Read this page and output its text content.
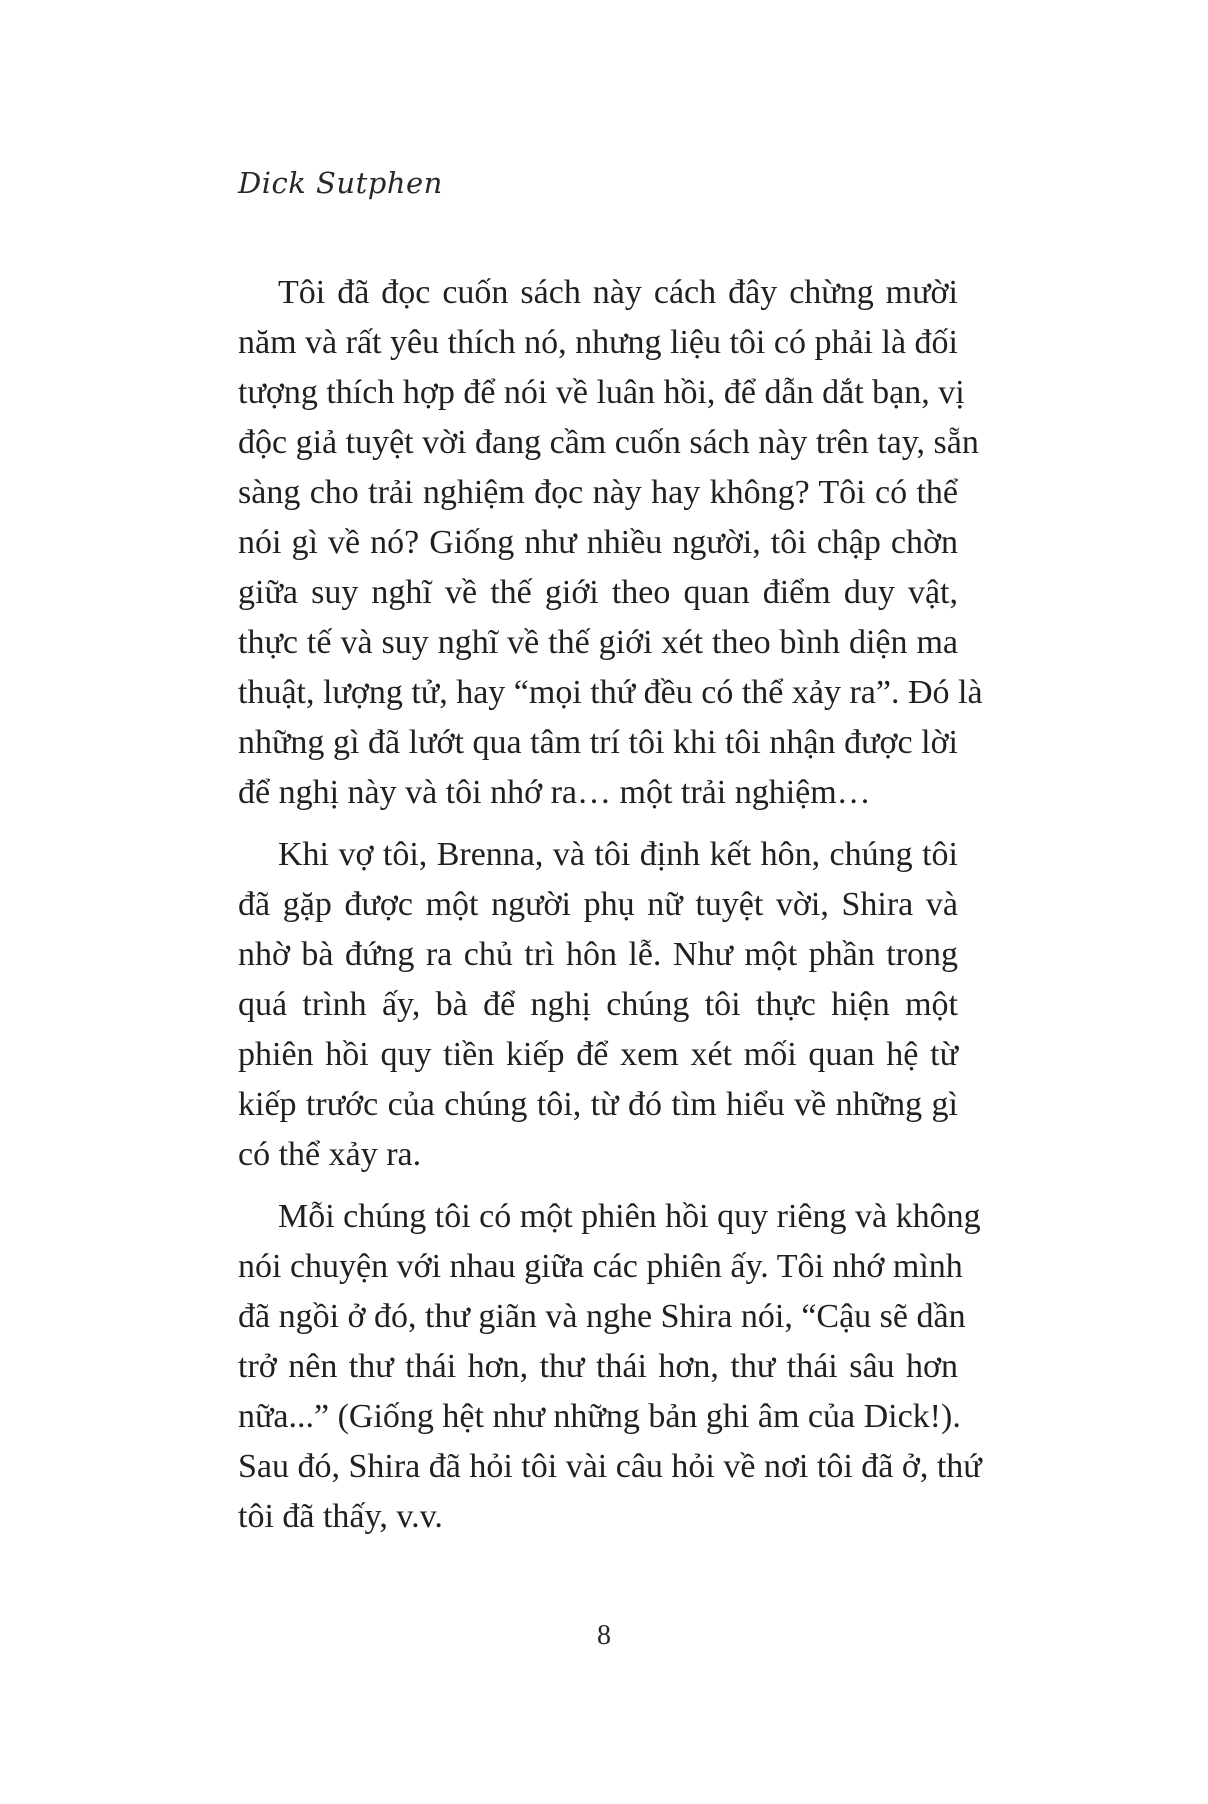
Dick Sutphen
Tôi đã đọc cuốn sách này cách đây chừng mười
năm và rất yêu thích nó, nhưng liệu tôi có phải là đối
tượng thích hợp để nói về luân hồi, để dẫn dắt bạn, vị
độc giả tuyệt vời đang cầm cuốn sách này trên tay, sẵn
sàng cho trải nghiệm đọc này hay không? Tôi có thể
nói gì về nó? Giống như nhiều người, tôi chập chờn
giữa suy nghĩ về thế giới theo quan điểm duy vật,
thực tế và suy nghĩ về thế giới xét theo bình diện ma
thuật, lượng tử, hay “mọi thứ đều có thể xảy ra”. Đó là
những gì đã lướt qua tâm trí tôi khi tôi nhận được lời
để nghị này và tôi nhớ ra… một trải nghiệm…
Khi vợ tôi, Brenna, và tôi định kết hôn, chúng tôi
đã gặp được một người phụ nữ tuyệt vời, Shira và
nhờ bà đứng ra chủ trì hôn lễ. Như một phần trong
quá trình ấy, bà để nghị chúng tôi thực hiện một
phiên hồi quy tiền kiếp để xem xét mối quan hệ từ
kiếp trước của chúng tôi, từ đó tìm hiểu về những gì
có thể xảy ra.
Mỗi chúng tôi có một phiên hồi quy riêng và không
nói chuyện với nhau giữa các phiên ấy. Tôi nhớ mình
đã ngồi ở đó, thư giãn và nghe Shira nói, “Cậu sẽ dần
trở nên thư thái hơn, thư thái hơn, thư thái sâu hơn
nữa...” (Giống hệt như những bản ghi âm của Dick!).
Sau đó, Shira đã hỏi tôi vài câu hỏi về nơi tôi đã ở, thứ
tôi đã thấy, v.v.
8
